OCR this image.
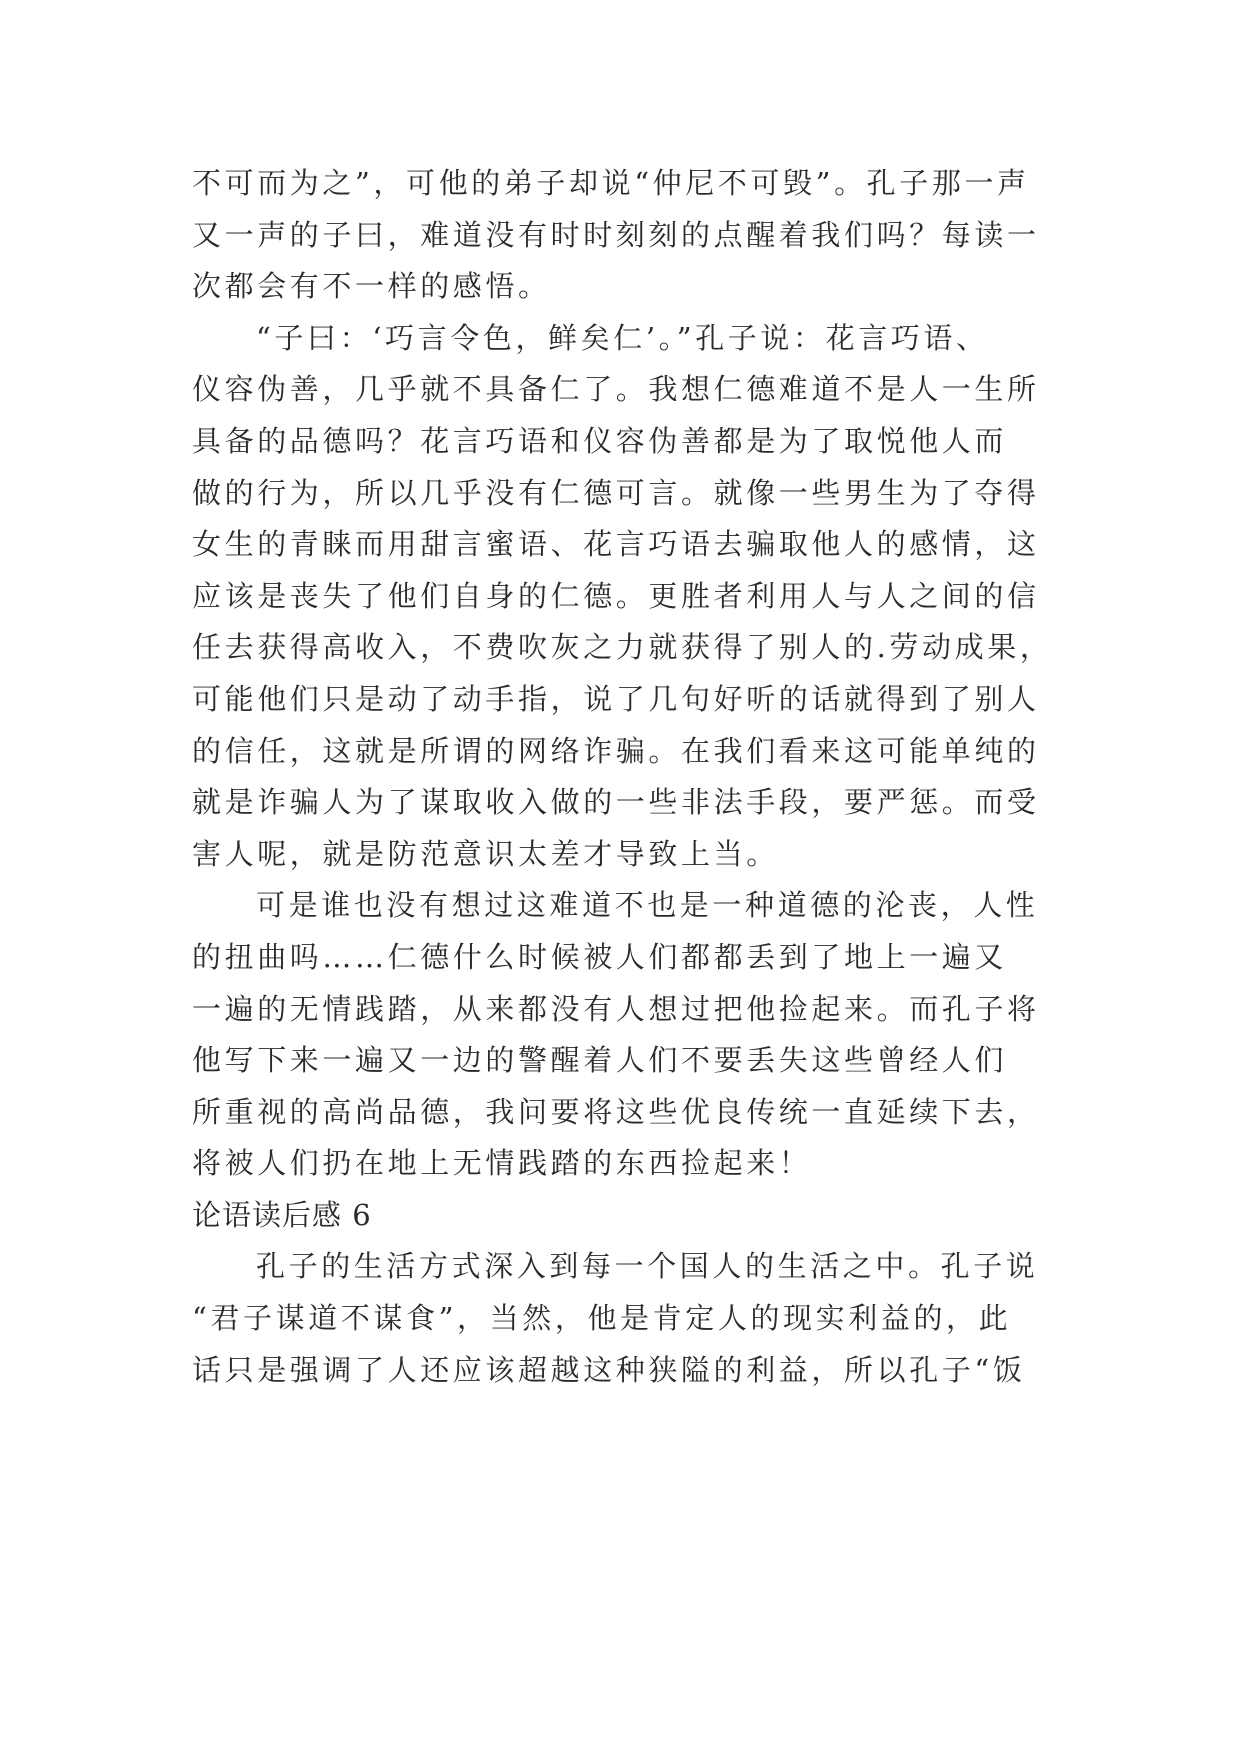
不可而为之”，可他的弟子却说“仲尼不可毁”。孔子那一声
又一声的子曰，难道没有时时刻刻的点醒着我们吗？每读一
次都会有不一样的感悟。
“子曰：‘巧言令色，鲜矣仁’。”孔子说：花言巧语、
仪容伪善，几乎就不具备仁了。我想仁德难道不是人一生所
具备的品德吗？花言巧语和仪容伪善都是为了取悦他人而
做的行为，所以几乎没有仁德可言。就像一些男生为了夺得
女生的青睐而用甜言蜜语、花言巧语去骗取他人的感情，这
应该是丧失了他们自身的仁德。更胜者利用人与人之间的信
任去获得高收入，不费吹灰之力就获得了别人的.劳动成果，
可能他们只是动了动手指，说了几句好听的话就得到了别人
的信任，这就是所谓的网络诈骗。在我们看来这可能单纯的
就是诈骗人为了谋取收入做的一些非法手段，要严惩。而受
害人呢，就是防范意识太差才导致上当。
可是谁也没有想过这难道不也是一种道德的沦丧，人性
的扭曲吗……仁德什么时候被人们都都丢到了地上一遍又
一遍的无情践踏，从来都没有人想过把他捡起来。而孔子将
他写下来一遍又一边的警醒着人们不要丢失这些曾经人们
所重视的高尚品德，我问要将这些优良传统一直延续下去，
将被人们扔在地上无情践踏的东西捡起来！
论语读后感 6
孔子的生活方式深入到每一个国人的生活之中。孔子说
“君子谋道不谋食”，当然，他是肯定人的现实利益的，此
话只是强调了人还应该超越这种狭隘的利益，所以孔子“饭
